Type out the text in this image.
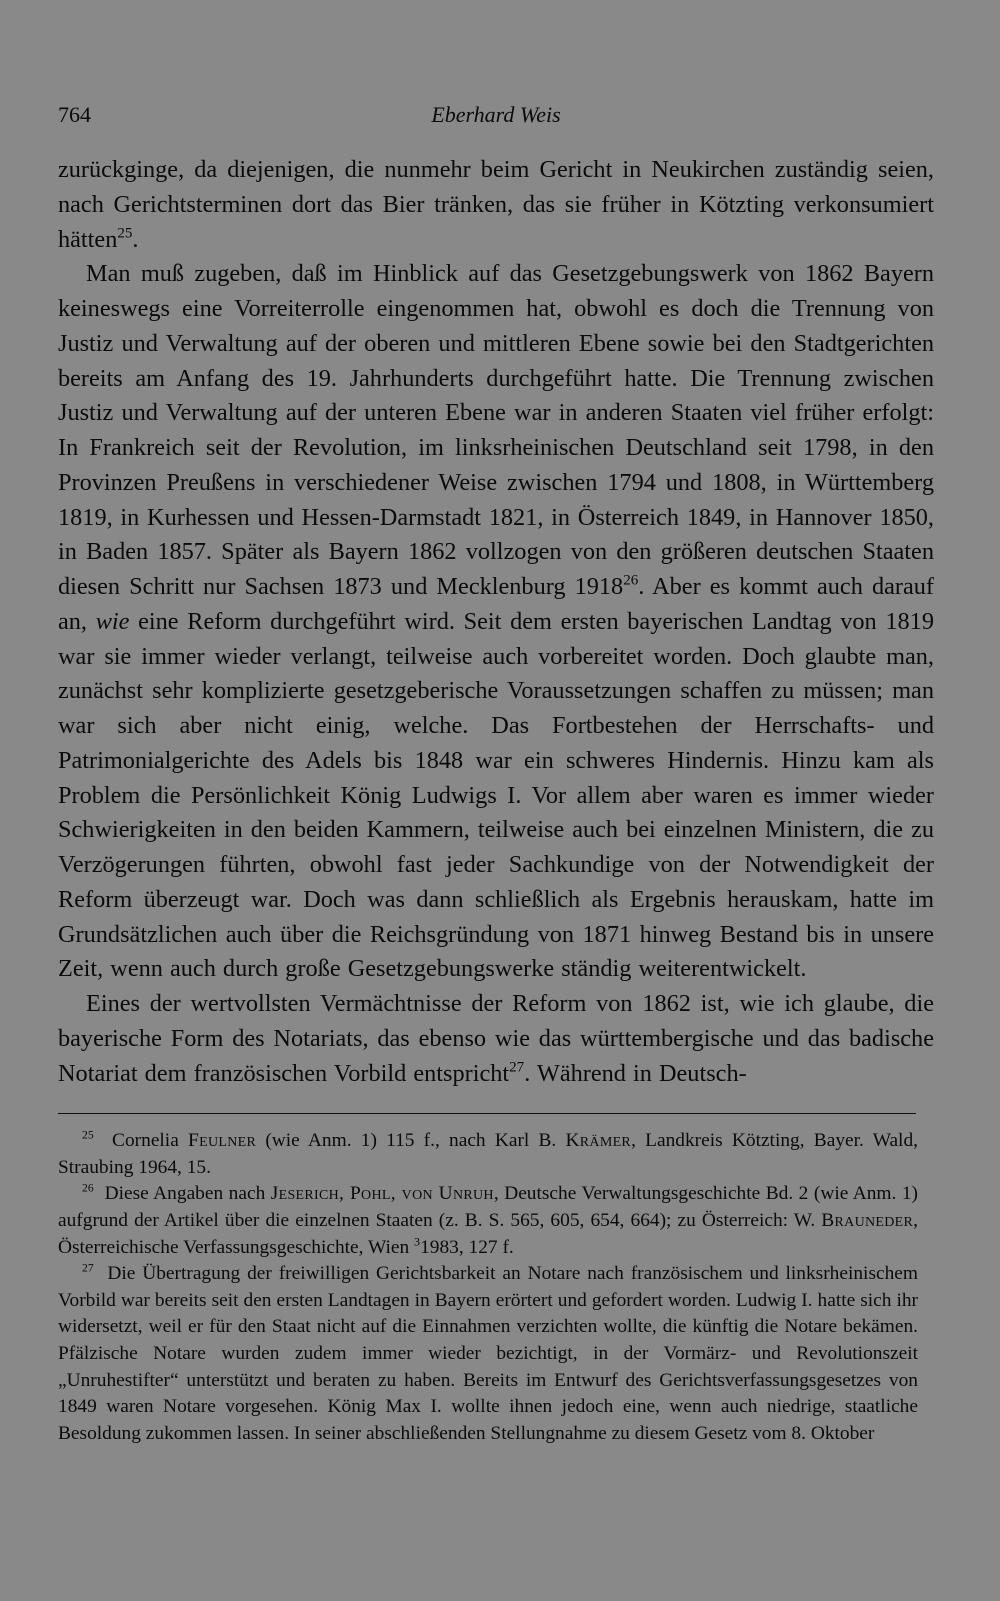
764	Eberhard Weis

zurückginge, da diejenigen, die nunmehr beim Gericht in Neukirchen zuständig seien, nach Gerichtsterminen dort das Bier tränken, das sie früher in Kötzting verkonsumiert hätten$^{25}$.

Man muß zugeben, daß im Hinblick auf das Gesetzgebungswerk von 1862 Bayern keineswegs eine Vorreiterrolle eingenommen hat, obwohl es doch die Trennung von Justiz und Verwaltung auf der oberen und mittleren Ebene sowie bei den Stadtgerichten bereits am Anfang des 19. Jahrhunderts durchgeführt hatte. Die Trennung zwischen Justiz und Verwaltung auf der unteren Ebene war in anderen Staaten viel früher erfolgt: In Frankreich seit der Revolution, im linksrheinischen Deutschland seit 1798, in den Provinzen Preußens in verschiedener Weise zwischen 1794 und 1808, in Württemberg 1819, in Kurhessen und Hessen-Darmstadt 1821, in Österreich 1849, in Hannover 1850, in Baden 1857. Später als Bayern 1862 vollzogen von den größeren deutschen Staaten diesen Schritt nur Sachsen 1873 und Mecklenburg 1918$^{26}$. Aber es kommt auch darauf an, wie eine Reform durchgeführt wird. Seit dem ersten bayerischen Landtag von 1819 war sie immer wieder verlangt, teilweise auch vorbereitet worden. Doch glaubte man, zunächst sehr komplizierte gesetzgeberische Voraussetzungen schaffen zu müssen; man war sich aber nicht einig, welche. Das Fortbestehen der Herrschafts- und Patrimonialgerichte des Adels bis 1848 war ein schweres Hindernis. Hinzu kam als Problem die Persönlichkeit König Ludwigs I. Vor allem aber waren es immer wieder Schwierigkeiten in den beiden Kammern, teilweise auch bei einzelnen Ministern, die zu Verzögerungen führten, obwohl fast jeder Sachkundige von der Notwendigkeit der Reform überzeugt war. Doch was dann schließlich als Ergebnis herauskam, hatte im Grundsätzlichen auch über die Reichsgründung von 1871 hinweg Bestand bis in unsere Zeit, wenn auch durch große Gesetzgebungswerke ständig weiterentwickelt.

Eines der wertvollsten Vermächtnisse der Reform von 1862 ist, wie ich glaube, die bayerische Form des Notariats, das ebenso wie das württembergische und das badische Notariat dem französischen Vorbild entspricht$^{27}$. Während in Deutsch-

$^{25}$ Cornelia Feulner (wie Anm. 1) 115 f., nach Karl B. Krämer, Landkreis Kötzting, Bayer. Wald, Straubing 1964, 15.

$^{26}$ Diese Angaben nach Jeserich, Pohl, von Unruh, Deutsche Verwaltungsgeschichte Bd. 2 (wie Anm. 1) aufgrund der Artikel über die einzelnen Staaten (z. B. S. 565, 605, 654, 664); zu Österreich: W. Brauneder, Österreichische Verfassungsgeschichte, Wien $^3$1983, 127 f.

$^{27}$ Die Übertragung der freiwilligen Gerichtsbarkeit an Notare nach französischem und linksrheinischem Vorbild war bereits seit den ersten Landtagen in Bayern erörtert und gefordert worden. Ludwig I. hatte sich ihr widersetzt, weil er für den Staat nicht auf die Einnahmen verzichten wollte, die künftig die Notare bekämen. Pfälzische Notare wurden zudem immer wieder bezichtigt, in der Vormärz- und Revolutionszeit „Unruhestifter“ unterstützt und beraten zu haben. Bereits im Entwurf des Gerichtsverfassungsgesetzes von 1849 waren Notare vorgesehen. König Max I. wollte ihnen jedoch eine, wenn auch niedrige, staatliche Besoldung zukommen lassen. In seiner abschließenden Stellungnahme zu diesem Gesetz vom 8. Oktober
